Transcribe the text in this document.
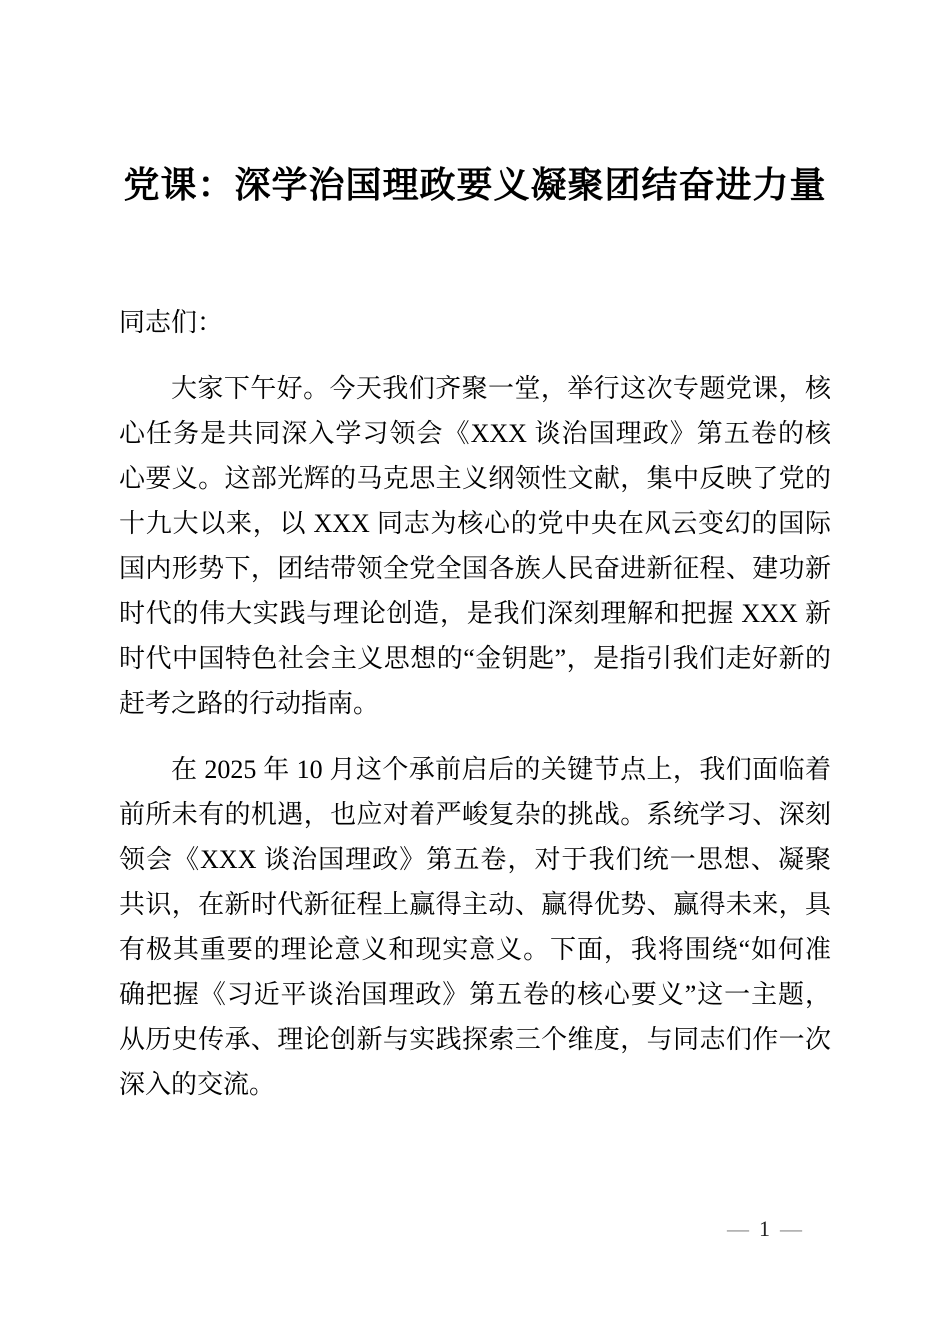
党课：深学治国理政要义凝聚团结奋进力量

同志们：

大家下午好。今天我们齐聚一堂，举行这次专题党课，核心任务是共同深入学习领会《XXX 谈治国理政》第五卷的核心要义。这部光辉的马克思主义纲领性文献，集中反映了党的十九大以来，以 XXX 同志为核心的党中央在风云变幻的国际国内形势下，团结带领全党全国各族人民奋进新征程、建功新时代的伟大实践与理论创造，是我们深刻理解和把握 XXX 新时代中国特色社会主义思想的“金钥匙”，是指引我们走好新的赶考之路的行动指南。

在 2025 年 10 月这个承前启后的关键节点上，我们面临着前所未有的机遇，也应对着严峻复杂的挑战。系统学习、深刻领会《XXX 谈治国理政》第五卷，对于我们统一思想、凝聚共识，在新时代新征程上赢得主动、赢得优势、赢得未来，具有极其重要的理论意义和现实意义。下面，我将围绕“如何准确把握《习近平谈治国理政》第五卷的核心要义”这一主题，从历史传承、理论创新与实践探索三个维度，与同志们作一次深入的交流。

— 1 —
